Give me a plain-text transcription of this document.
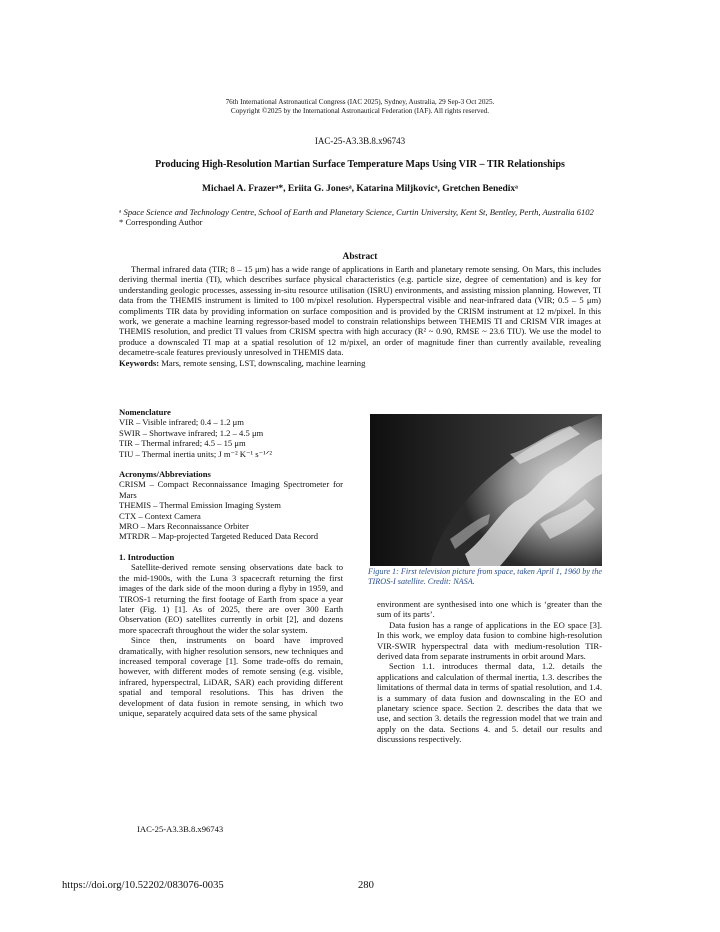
76th International Astronautical Congress (IAC 2025), Sydney, Australia, 29 Sep-3 Oct 2025.
Copyright ©2025 by the International Astronautical Federation (IAF). All rights reserved.
IAC-25-A3.3B.8.x96743
Producing High-Resolution Martian Surface Temperature Maps Using VIR – TIR Relationships
Michael A. Frazerᵃ*, Eriita G. Jonesᵃ, Katarina Miljkovicᵃ, Gretchen Benedixᵃ
ᵃ Space Science and Technology Centre, School of Earth and Planetary Science, Curtin University, Kent St, Bentley, Perth, Australia 6102
* Corresponding Author
Abstract

Thermal infrared data (TIR; 8 – 15 μm) has a wide range of applications in Earth and planetary remote sensing. On Mars, this includes deriving thermal inertia (TI), which describes surface physical characteristics (e.g. particle size, degree of cementation) and is key for understanding geologic processes, assessing in-situ resource utilisation (ISRU) environments, and assisting mission planning. However, TI data from the THEMIS instrument is limited to 100 m/pixel resolution. Hyperspectral visible and near-infrared data (VIR; 0.5 – 5 μm) compliments TIR data by providing information on surface composition and is provided by the CRISM instrument at 12 m/pixel. In this work, we generate a machine learning regressor-based model to constrain relationships between THEMIS TI and CRISM VIR images at THEMIS resolution, and predict TI values from CRISM spectra with high accuracy (R² ~ 0.90, RMSE ~ 23.6 TIU). We use the model to produce a downscaled TI map at a spatial resolution of 12 m/pixel, an order of magnitude finer than currently available, revealing decametre-scale features previously unresolved in THEMIS data.

Keywords: Mars, remote sensing, LST, downscaling, machine learning

Nomenclature

VIR – Visible infrared; 0.4 – 1.2 μm
SWIR – Shortwave infrared; 1.2 – 4.5 μm
TIR – Thermal infrared; 4.5 – 15 μm
TIU – Thermal inertia units; J m⁻² K⁻¹ s⁻¹ᐟ²

Acronyms/Abbreviations

CRISM – Compact Reconnaissance Imaging Spectrometer for Mars

THEMIS – Thermal Emission Imaging System
CTX – Context Camera
MRO – Mars Reconnaissance Orbiter

MTRDR – Map-projected Targeted Reduced Data Record

1. Introduction

Satellite-derived remote sensing observations date back to the mid-1900s, with the Luna 3 spacecraft returning the first images of the dark side of the moon during a flyby in 1959, and TIROS-1 returning the first footage of Earth from space a year later (Fig. 1) [1]. As of 2025, there are over 300 Earth Observation (EO) satellites currently in orbit [2], and dozens more spacecraft throughout the wider the solar system.

Since then, instruments on board have improved dramatically, with higher resolution sensors, new techniques and increased temporal coverage [1]. Some trade-offs do remain, however, with different modes of remote sensing (e.g. visible, infrared, hyperspectral, LiDAR, SAR) each providing different spatial and temporal resolutions. This has driven the development of data fusion in remote sensing, in which two unique, separately acquired data sets of the same physical

Figure 1: First television picture from space, taken April 1, 1960 by the TIROS-I satellite. Credit: NASA.

environment are synthesised into one which is ‘greater than the sum of its parts’.

Data fusion has a range of applications in the EO space [3]. In this work, we employ data fusion to combine high-resolution VIR-SWIR hyperspectral data with medium-resolution TIR-derived data from separate instruments in orbit around Mars.

Section 1.1. introduces thermal data, 1.2. details the applications and calculation of thermal inertia, 1.3. describes the limitations of thermal data in terms of spatial resolution, and 1.4. is a summary of data fusion and downscaling in the EO and planetary science space. Section 2. describes the data that we use, and section 3. details the regression model that we train and apply on the data. Sections 4. and 5. detail our results and discussions respectively.

IAC-25-A3.3B.8.x96743
https://doi.org/10.52202/083076-0035	280
